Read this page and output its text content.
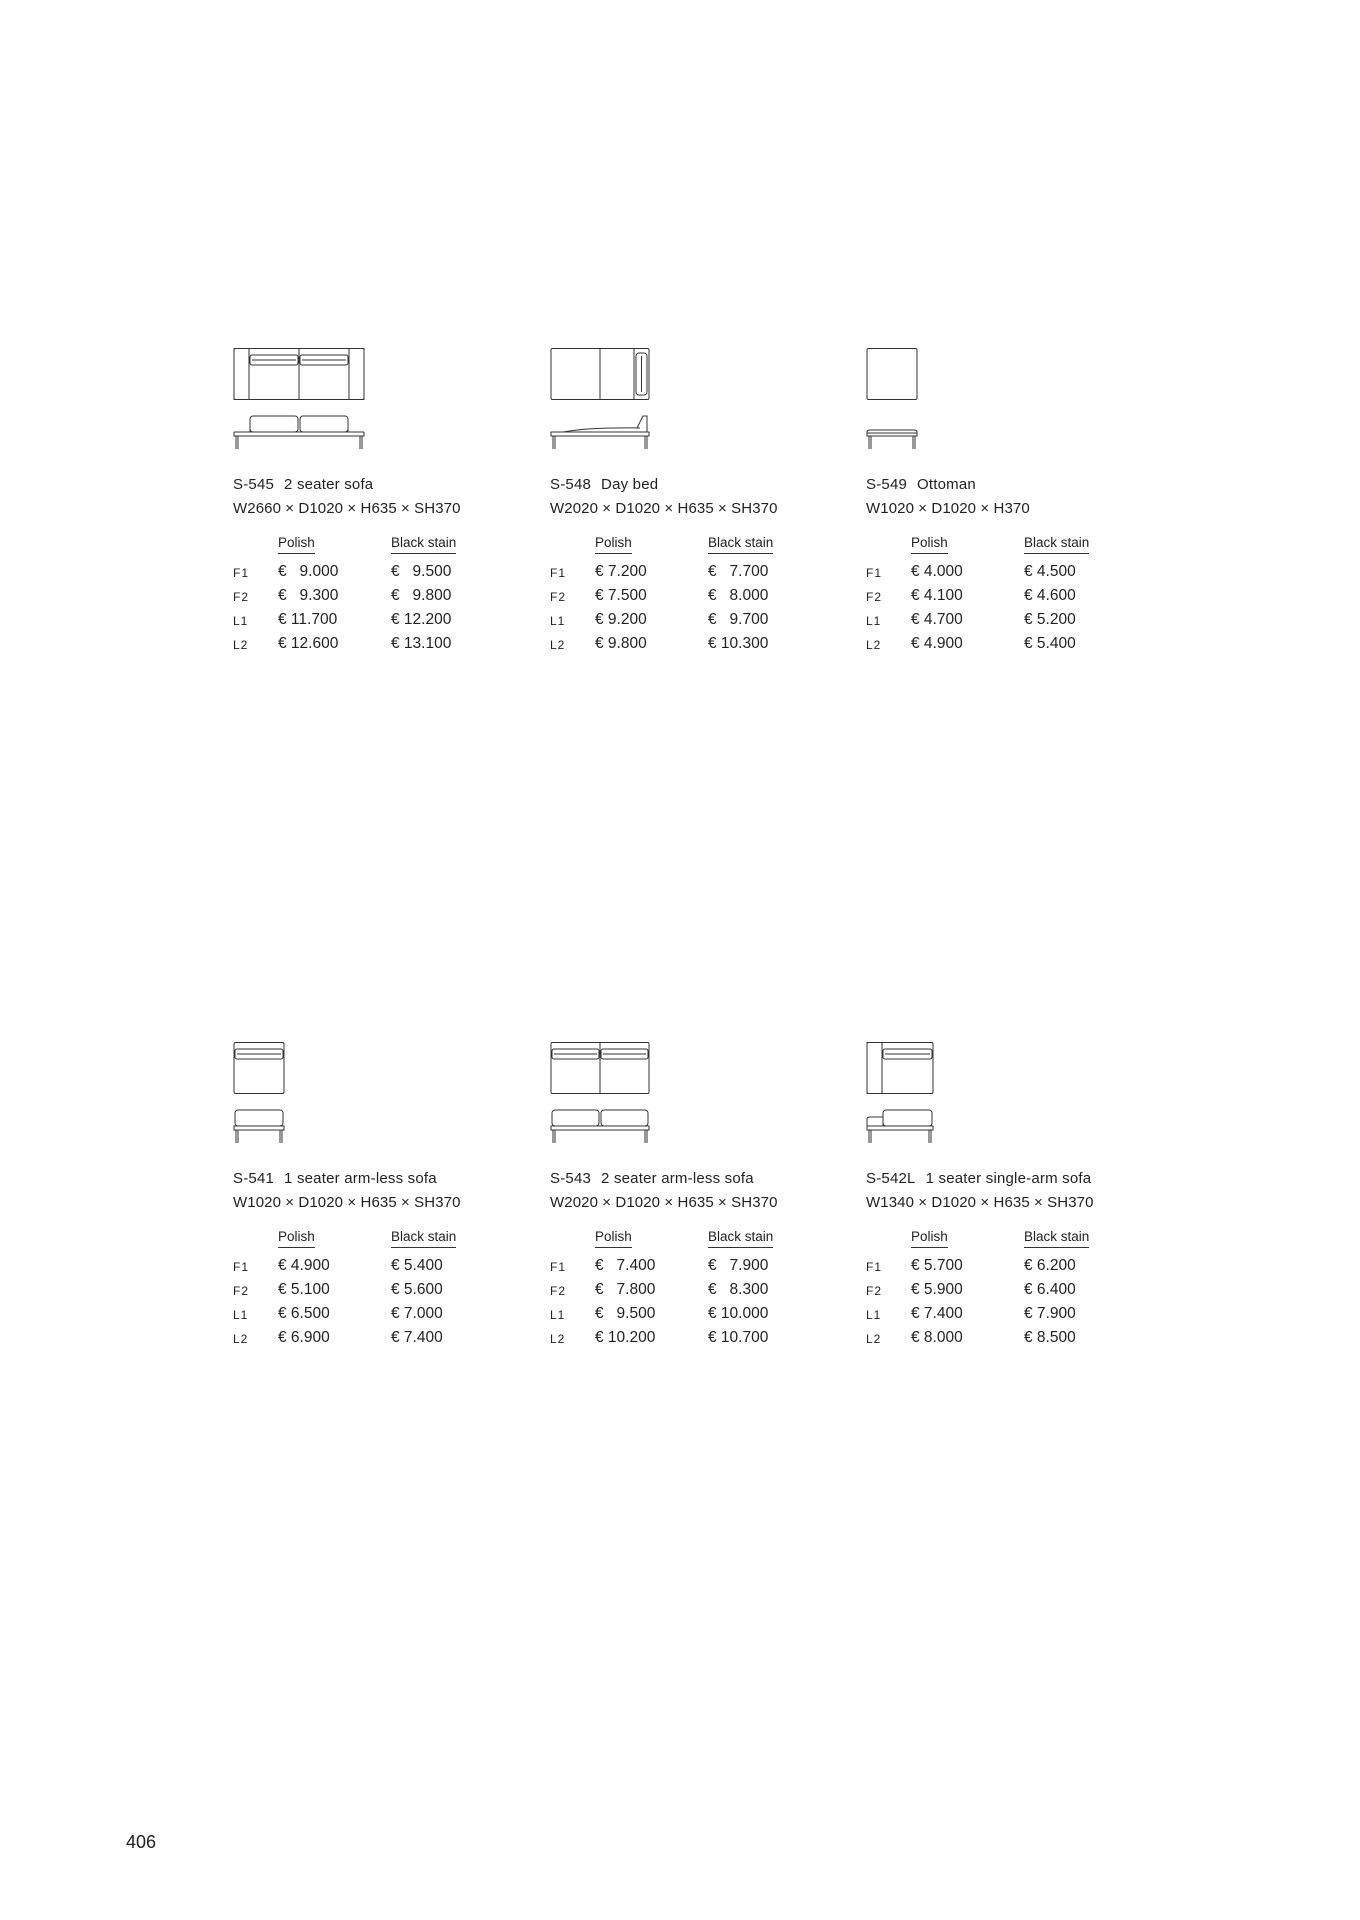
S-545 2 seater sofa
W2660 × D1020 × H635 × SH370
Polish	Black stain
F1 €   9.000	€   9.500
F2 €   9.300	€   9.800
L1 € 11.700	€ 12.200
L2 € 12.600	€ 13.100
S-548 Day bed
W2020 × D1020 × H635 × SH370
Polish	Black stain
F1 € 7.200	€   7.700
F2 € 7.500	€   8.000
L1 € 9.200	€   9.700
L2 € 9.800	€ 10.300
S-549 Ottoman
W1020 × D1020 × H370
Polish	Black stain
F1 € 4.000	€ 4.500
F2 € 4.100	€ 4.600
L1 € 4.700	€ 5.200
L2 € 4.900	€ 5.400
S-541 1 seater arm-less sofa
W1020 × D1020 × H635 × SH370
Polish	Black stain
F1 € 4.900	€ 5.400
F2 € 5.100	€ 5.600
L1 € 6.500	€ 7.000
L2 € 6.900	€ 7.400
S-543 2 seater arm-less sofa
W2020 × D1020 × H635 × SH370
Polish	Black stain
F1 €   7.400	€   7.900
F2 €   7.800	€   8.300
L1 €   9.500	€ 10.000
L2 € 10.200	€ 10.700
S-542L 1 seater single-arm sofa
W1340 × D1020 × H635 × SH370
Polish	Black stain
F1 € 5.700	€ 6.200
F2 € 5.900	€ 6.400
L1 € 7.400	€ 7.900
L2 € 8.000	€ 8.500
406
